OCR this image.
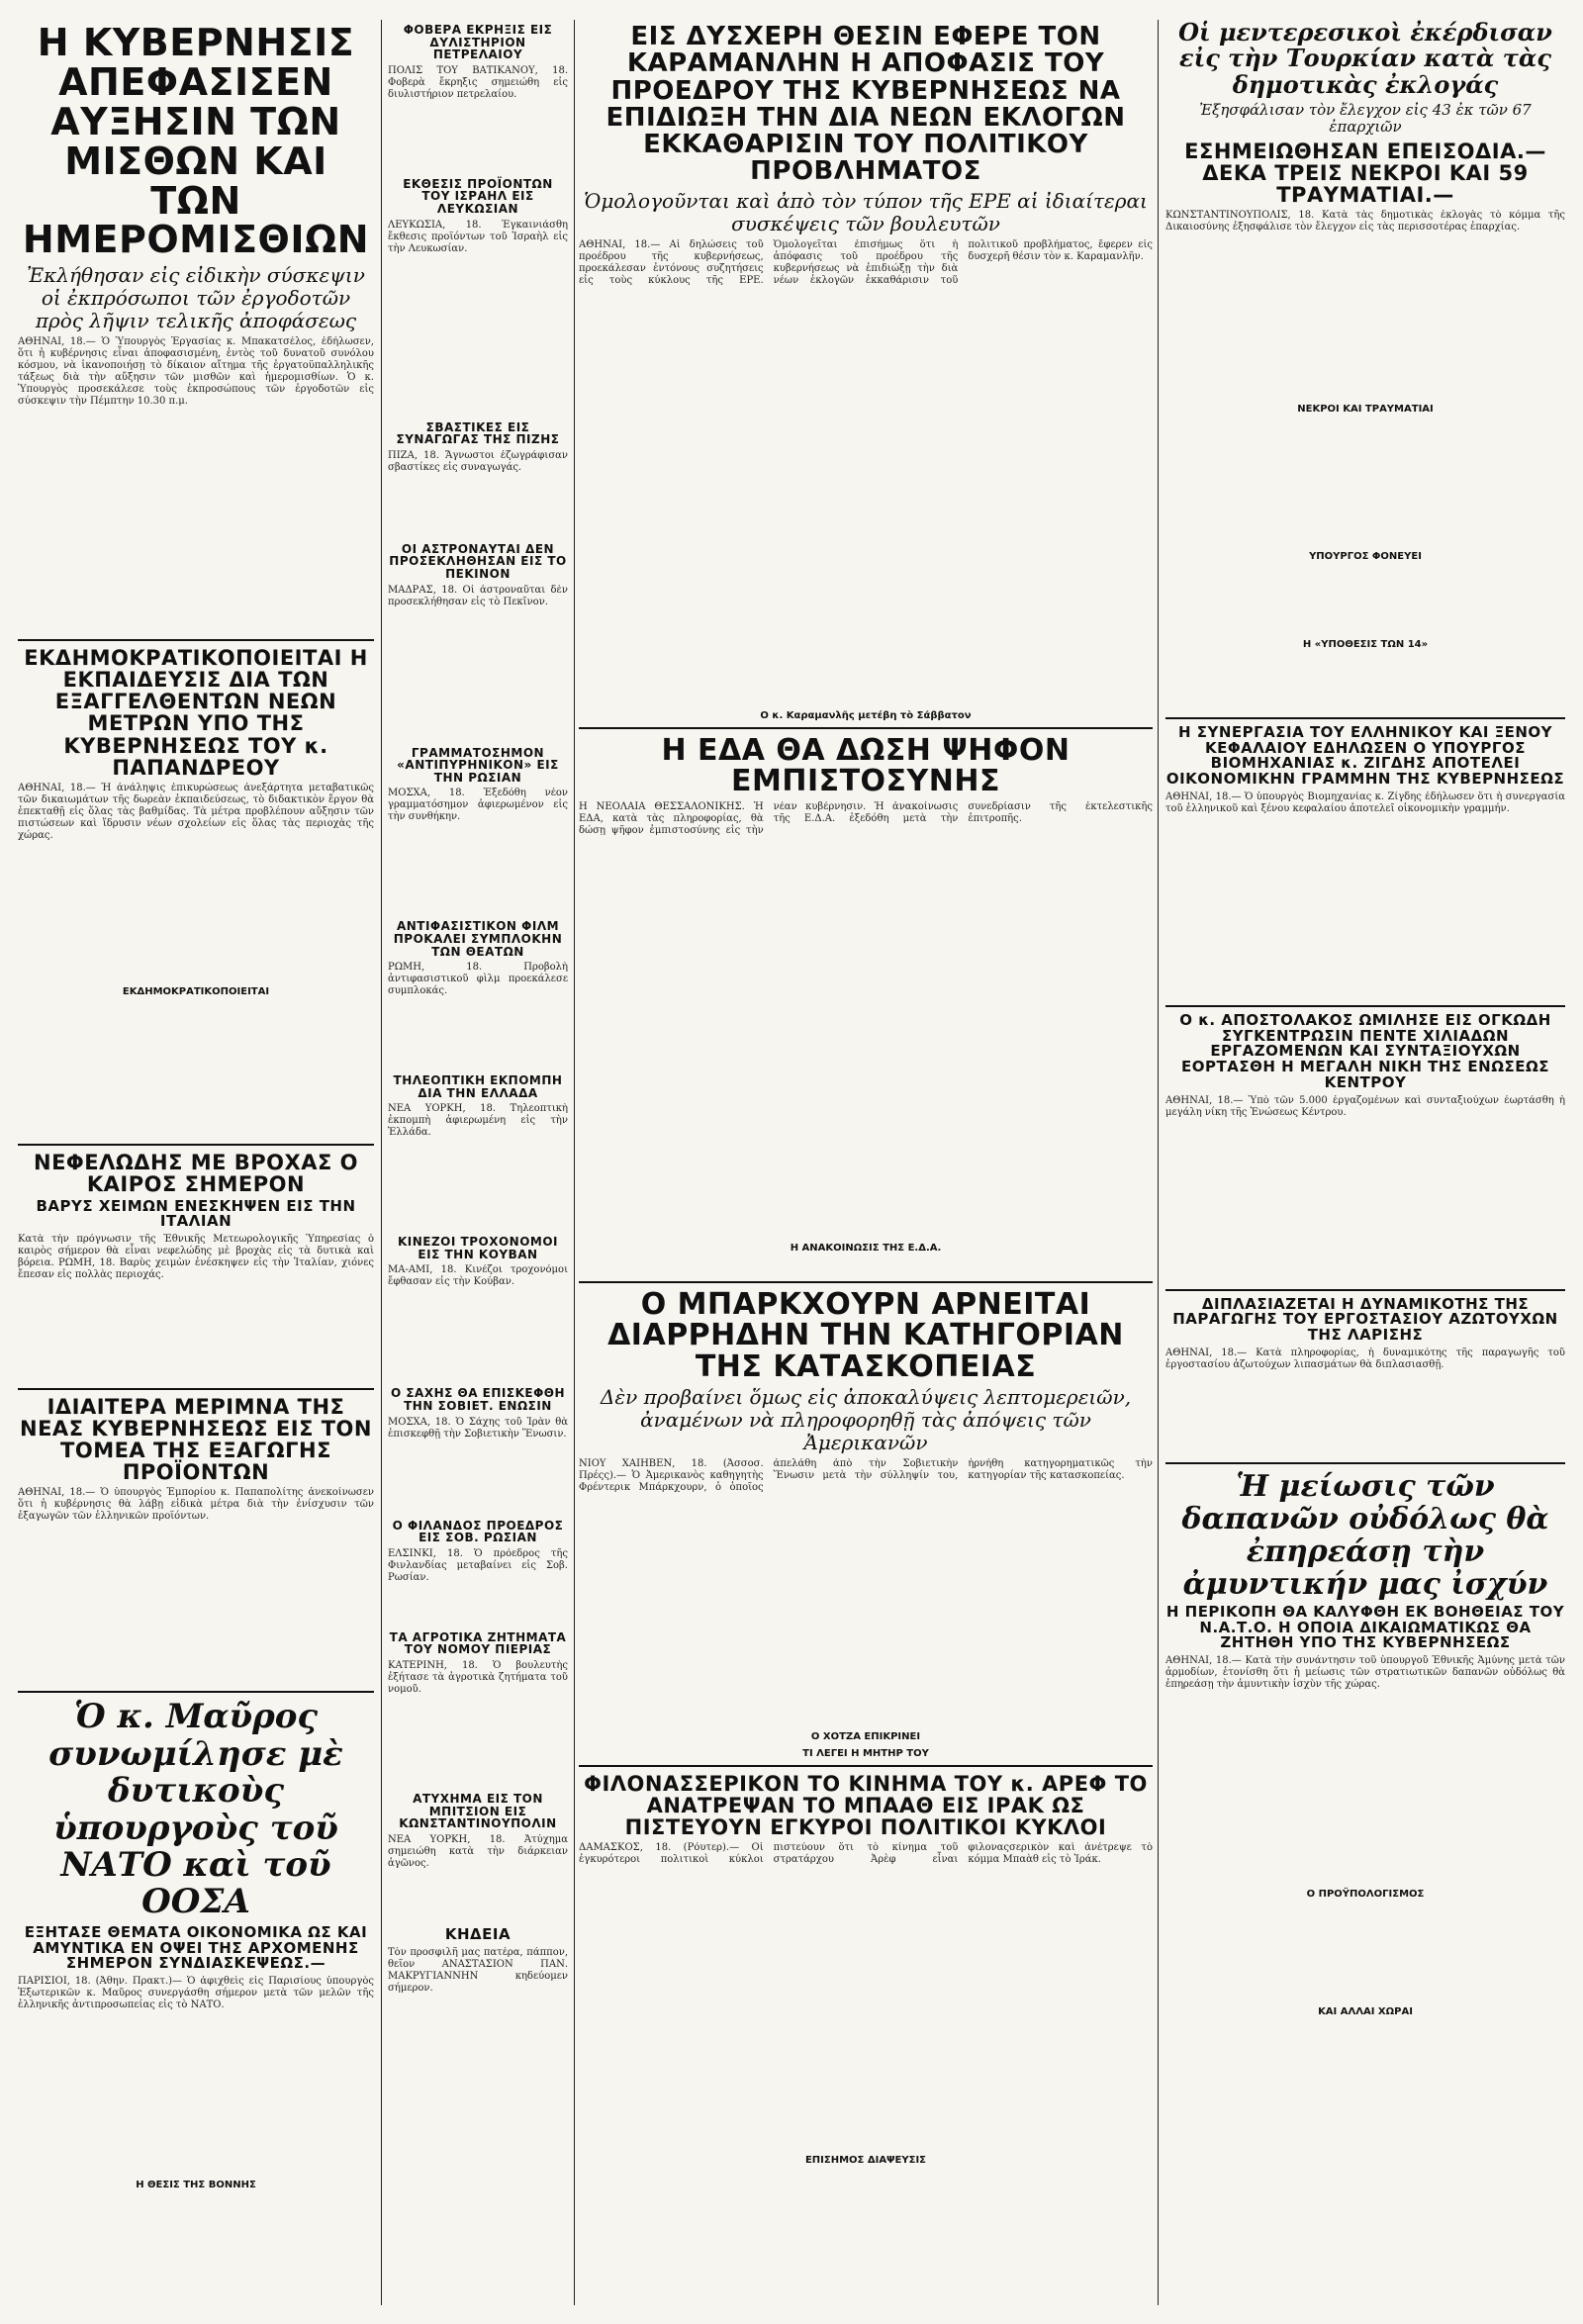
Η ΚΥΒΕΡΝΗΣΙΣ ΑΠΕΦΑΣΙΣΕΝ ΑΥΞΗΣΙΝ ΤΩΝ ΜΙΣΘΩΝ ΚΑΙ ΤΩΝ ΗΜΕΡΟΜΙΣΘΙΩΝ
Ἐκλήθησαν εἰς εἰδικὴν σύσκεψιν οἱ ἐκπρόσωποι τῶν ἐργοδοτῶν πρὸς λῆψιν τελικῆς ἀποφάσεως
ΑΘΗΝΑΙ, 18.— Ὁ Ὑπουργὸς Ἐργασίας κ. Μπακατσέλος, ἐδήλωσεν, ὅτι ἡ κυβέρνησις εἶναι ἀποφασισμένη, ἐντὸς τοῦ δυνατοῦ συνόλου κόσμου, νὰ ἱκανοποιήσῃ τὸ δίκαιον αἴτημα τῆς ἐργατοϋπαλληλικῆς τάξεως διὰ τὴν αὔξησιν τῶν μισθῶν καὶ ἡμερομισθίων. Ὁ κ. Ὑπουργὸς προσεκάλεσε τοὺς ἐκπροσώπους τῶν ἐργοδοτῶν εἰς σύσκεψιν τὴν Πέμπτην 10.30 π.μ.
ΕΚΔΗΜΟΚΡΑΤΙΚΟΠΟΙΕΙΤΑΙ Η ΕΚΠΑΙΔΕΥΣΙΣ ΔΙΑ ΤΩΝ ΕΞΑΓΓΕΛΘΕΝΤΩΝ ΝΕΩΝ ΜΕΤΡΩΝ ΥΠΟ ΤΗΣ ΚΥΒΕΡΝΗΣΕΩΣ ΤΟΥ κ. ΠΑΠΑΝΔΡΕΟΥ
ΑΘΗΝΑΙ, 18.— Ἡ ἀνάληψις ἐπικυρώσεως ἀνεξάρτητα μεταβατικῶς τῶν δικαιωμάτων τῆς δωρεὰν ἐκπαιδεύσεως, τὸ διδακτικὸν ἔργον θὰ ἐπεκταθῇ εἰς ὅλας τὰς βαθμίδας. Τὰ μέτρα προβλέπουν αὔξησιν τῶν πιστώσεων καὶ ἵδρυσιν νέων σχολείων εἰς ὅλας τὰς περιοχὰς τῆς χώρας.
ΕΚΔΗΜΟΚΡΑΤΙΚΟΠΟΙΕΙΤΑΙ
ΝΕΦΕΛΩΔΗΣ ΜΕ ΒΡΟΧΑΣ Ο ΚΑΙΡΟΣ ΣΗΜΕΡΟΝ
ΒΑΡΥΣ ΧΕΙΜΩΝ ΕΝΕΣΚΗΨΕΝ ΕΙΣ ΤΗΝ ΙΤΑΛΙΑΝ
Κατὰ τὴν πρόγνωσιν τῆς Ἐθνικῆς Μετεωρολογικῆς Ὑπηρεσίας ὁ καιρὸς σήμερον θὰ εἶναι νεφελώδης μὲ βροχὰς εἰς τὰ δυτικὰ καὶ βόρεια. ΡΩΜΗ, 18. Βαρὺς χειμὼν ἐνέσκηψεν εἰς τὴν Ἰταλίαν, χιόνες ἔπεσαν εἰς πολλὰς περιοχάς.
ΙΔΙΑΙΤΕΡΑ ΜΕΡΙΜΝΑ ΤΗΣ ΝΕΑΣ ΚΥΒΕΡΝΗΣΕΩΣ ΕΙΣ ΤΟΝ ΤΟΜΕΑ ΤΗΣ ΕΞΑΓΩΓΗΣ ΠΡΟΪΟΝΤΩΝ
ΑΘΗΝΑΙ, 18.— Ὁ ὑπουργὸς Ἐμπορίου κ. Παπαπολίτης ἀνεκοίνωσεν ὅτι ἡ κυβέρνησις θὰ λάβῃ εἰδικὰ μέτρα διὰ τὴν ἐνίσχυσιν τῶν ἐξαγωγῶν τῶν ἑλληνικῶν προϊόντων.
Ὁ κ. Μαῦρος συνωμίλησε μὲ δυτικοὺς ὑπουργοὺς τοῦ ΝΑΤΟ καὶ τοῦ ΟΟΣΑ
ΕΞΗΤΑΣΕ ΘΕΜΑΤΑ ΟΙΚΟΝΟΜΙΚΑ ΩΣ ΚΑΙ ΑΜΥΝΤΙΚΑ ΕΝ ΟΨΕΙ ΤΗΣ ΑΡΧΟΜΕΝΗΣ ΣΗΜΕΡΟΝ ΣΥΝΔΙΑΣΚΕΨΕΩΣ.—
ΠΑΡΙΣΙΟΙ, 18. (Ἀθην. Πρακτ.)— Ὁ ἀφιχθεὶς εἰς Παρισίους ὑπουργὸς Ἐξωτερικῶν κ. Μαῦρος συνεργάσθη σήμερον μετὰ τῶν μελῶν τῆς ἑλληνικῆς ἀντιπροσωπείας εἰς τὸ ΝΑΤΟ.
Η ΘΕΣΙΣ ΤΗΣ ΒΟΝΝΗΣ
ΦΟΒΕΡΑ ΕΚΡΗΞΙΣ ΕΙΣ ΔΥΛΙΣΤΗΡΙΟΝ ΠΕΤΡΕΛΑΙΟΥ
ΠΟΛΙΣ ΤΟΥ ΒΑΤΙΚΑΝΟΥ, 18. Φοβερὰ ἔκρηξις σημειώθη εἰς διυλιστήριον πετρελαίου.
ΕΚΘΕΣΙΣ ΠΡΟΪΟΝΤΩΝ ΤΟΥ ΙΣΡΑΗΛ ΕΙΣ ΛΕΥΚΩΣΙΑΝ
ΛΕΥΚΩΣΙΑ, 18. Ἐγκαινιάσθη ἔκθεσις προϊόντων τοῦ Ἰσραὴλ εἰς τὴν Λευκωσίαν.
ΣΒΑΣΤΙΚΕΣ ΕΙΣ ΣΥΝΑΓΩΓΑΣ ΤΗΣ ΠΙΖΗΣ
ΠΙΖΑ, 18. Ἄγνωστοι ἐζωγράφισαν σβαστίκες εἰς συναγωγάς.
ΟΙ ΑΣΤΡΟΝΑΥΤΑΙ ΔΕΝ ΠΡΟΣΕΚΛΗΘΗΣΑΝ ΕΙΣ ΤΟ ΠΕΚΙΝΟΝ
ΜΑΔΡΑΣ, 18. Οἱ ἀστροναῦται δὲν προσεκλήθησαν εἰς τὸ Πεκῖνον.
ΓΡΑΜΜΑΤΟΣΗΜΟΝ «ΑΝΤΙΠΥΡΗΝΙΚΟΝ» ΕΙΣ ΤΗΝ ΡΩΣΙΑΝ
ΜΟΣΧΑ, 18. Ἐξεδόθη νέον γραμματόσημον ἀφιερωμένον εἰς τὴν συνθήκην.
ΑΝΤΙΦΑΣΙΣΤΙΚΟΝ ΦΙΛΜ ΠΡΟΚΑΛΕΙ ΣΥΜΠΛΟΚΗΝ ΤΩΝ ΘΕΑΤΩΝ
ΡΩΜΗ, 18. Προβολὴ ἀντιφασιστικοῦ φὶλμ προεκάλεσε συμπλοκάς.
ΤΗΛΕΟΠΤΙΚΗ ΕΚΠΟΜΠΗ ΔΙΑ ΤΗΝ ΕΛΛΑΔΑ
ΝΕΑ ΥΟΡΚΗ, 18. Τηλεοπτικὴ ἐκπομπὴ ἀφιερωμένη εἰς τὴν Ἑλλάδα.
ΚΙΝΕΖΟΙ ΤΡΟΧΟΝΟΜΟΙ ΕΙΣ ΤΗΝ ΚΟΥΒΑΝ
ΜΑ-ΑΜΙ, 18. Κινέζοι τροχονόμοι ἔφθασαν εἰς τὴν Κούβαν.
Ο ΣΑΧΗΣ ΘΑ ΕΠΙΣΚΕΦΘΗ ΤΗΝ ΣΟΒΙΕΤ. ΕΝΩΣΙΝ
ΜΟΣΧΑ, 18. Ὁ Σάχης τοῦ Ἰρὰν θὰ ἐπισκεφθῇ τὴν Σοβιετικὴν Ἕνωσιν.
Ο ΦΙΛΑΝΔΟΣ ΠΡΟΕΔΡΟΣ ΕΙΣ ΣΟΒ. ΡΩΣΙΑΝ
ΕΛΣΙΝΚΙ, 18. Ὁ πρόεδρος τῆς Φινλανδίας μεταβαίνει εἰς Σοβ. Ρωσίαν.
ΤΑ ΑΓΡΟΤΙΚΑ ΖΗΤΗΜΑΤΑ ΤΟΥ ΝΟΜΟΥ ΠΙΕΡΙΑΣ
ΚΑΤΕΡΙΝΗ, 18. Ὁ βουλευτὴς ἐξήτασε τὰ ἀγροτικὰ ζητήματα τοῦ νομοῦ.
ΑΤΥΧΗΜΑ ΕΙΣ ΤΟΝ ΜΠΙΤΣΙΟΝ ΕΙΣ ΚΩΝΣΤΑΝΤΙΝΟΥΠΟΛΙΝ
ΝΕΑ ΥΟΡΚΗ, 18. Ἀτύχημα σημειώθη κατὰ τὴν διάρκειαν ἀγῶνος.
ΚΗΔΕΙΑ
Τὸν προσφιλῆ μας πατέρα, πάππον, θεῖον ΑΝΑΣΤΑΣΙΟΝ ΠΑΝ. ΜΑΚΡΥΓΙΑΝΝΗΝ κηδεύομεν σήμερον.
ΕΙΣ ΔΥΣΧΕΡΗ ΘΕΣΙΝ ΕΦΕΡΕ ΤΟΝ ΚΑΡΑΜΑΝΛΗΝ Η ΑΠΟΦΑΣΙΣ ΤΟΥ ΠΡΟΕΔΡΟΥ ΤΗΣ ΚΥΒΕΡΝΗΣΕΩΣ ΝΑ ΕΠΙΔΙΩΞΗ ΤΗΝ ΔΙΑ ΝΕΩΝ ΕΚΛΟΓΩΝ ΕΚΚΑΘΑΡΙΣΙΝ ΤΟΥ ΠΟΛΙΤΙΚΟΥ ΠΡΟΒΛΗΜΑΤΟΣ
Ὁμολογοῦνται καὶ ἀπὸ τὸν τύπον τῆς ΕΡΕ αἱ ἰδιαίτεραι συσκέψεις τῶν βουλευτῶν
ΑΘΗΝΑΙ, 18.— Αἱ δηλώσεις τοῦ προέδρου τῆς κυβερνήσεως, προεκάλεσαν ἐντόνους συζητήσεις εἰς τοὺς κύκλους τῆς ΕΡΕ. Ὁμολογεῖται ἐπισήμως ὅτι ἡ ἀπόφασις τοῦ προέδρου τῆς κυβερνήσεως νὰ ἐπιδιώξῃ τὴν διὰ νέων ἐκλογῶν ἐκκαθάρισιν τοῦ πολιτικοῦ προβλήματος, ἔφερεν εἰς δυσχερῆ θέσιν τὸν κ. Καραμανλῆν.
Ο κ. Καραμανλῆς μετέβη τὸ Σάββατον
Η ΕΔΑ ΘΑ ΔΩΣΗ ΨΗΦΟΝ ΕΜΠΙΣΤΟΣΥΝΗΣ
Η ΝΕΟΛΑΙΑ ΘΕΣΣΑΛΟΝΙΚΗΣ. Ἡ ΕΔΑ, κατὰ τὰς πληροφορίας, θὰ δώσῃ ψῆφον ἐμπιστοσύνης εἰς τὴν νέαν κυβέρνησιν. Ἡ ἀνακοίνωσις τῆς Ε.Δ.Α. ἐξεδόθη μετὰ τὴν συνεδρίασιν τῆς ἐκτελεστικῆς ἐπιτροπῆς.
Η ΑΝΑΚΟΙΝΩΣΙΣ ΤΗΣ Ε.Δ.Α.
Ο ΜΠΑΡΚΧΟΥΡΝ ΑΡΝΕΙΤΑΙ ΔΙΑΡΡΗΔΗΝ ΤΗΝ ΚΑΤΗΓΟΡΙΑΝ ΤΗΣ ΚΑΤΑΣΚΟΠΕΙΑΣ
Δὲν προβαίνει ὅμως εἰς ἀποκαλύψεις λεπτομερειῶν, ἀναμένων νὰ πληροφορηθῇ τὰς ἀπόψεις τῶν Ἀμερικανῶν
ΝΙΟΥ ΧΑΙΗΒΕΝ, 18. (Ἀσσοσ. Πρέςς).— Ὁ Ἀμερικανὸς καθηγητὴς Φρέντερικ Μπάρκχουρν, ὁ ὁποῖος ἀπελάθη ἀπὸ τὴν Σοβιετικὴν Ἕνωσιν μετὰ τὴν σύλληψίν του, ἠρνήθη κατηγορηματικῶς τὴν κατηγορίαν τῆς κατασκοπείας.
Ο ΧΟΤΖΑ ΕΠΙΚΡΙΝΕΙ
ΤΙ ΛΕΓΕΙ Η ΜΗΤΗΡ ΤΟΥ
ΦΙΛΟΝΑΣΣΕΡΙΚΟΝ ΤΟ ΚΙΝΗΜΑ ΤΟΥ κ. ΑΡΕΦ ΤΟ ΑΝΑΤΡΕΨΑΝ ΤΟ ΜΠΑΑΘ ΕΙΣ ΙΡΑΚ ΩΣ ΠΙΣΤΕΥΟΥΝ ΕΓΚΥΡΟΙ ΠΟΛΙΤΙΚΟΙ ΚΥΚΛΟΙ
ΔΑΜΑΣΚΟΣ, 18. (Ρόυτερ).— Οἱ ἐγκυρότεροι πολιτικοὶ κύκλοι πιστεύουν ὅτι τὸ κίνημα τοῦ στρατάρχου Ἀρὲφ εἶναι φιλοναςσερικὸν καὶ ἀνέτρεψε τὸ κόμμα Μπαὰθ εἰς τὸ Ἰράκ.
ΕΠΙΣΗΜΟΣ ΔΙΑΨΕΥΣΙΣ
Οἱ μεντερεσικοὶ ἐκέρδισαν εἰς τὴν Τουρκίαν κατὰ τὰς δημοτικὰς ἐκλογάς
Ἐξησφάλισαν τὸν ἔλεγχον εἰς 43 ἐκ τῶν 67 ἐπαρχιῶν
ΕΣΗΜΕΙΩΘΗΣΑΝ ΕΠΕΙΣΟΔΙΑ.— ΔΕΚΑ ΤΡΕΙΣ ΝΕΚΡΟΙ ΚΑΙ 59 ΤΡΑΥΜΑΤΙΑΙ.—
ΚΩΝΣΤΑΝΤΙΝΟΥΠΟΛΙΣ, 18. Κατὰ τὰς δημοτικὰς ἐκλογὰς τὸ κόμμα τῆς Δικαιοσύνης ἐξησφάλισε τὸν ἔλεγχον εἰς τὰς περισσοτέρας ἐπαρχίας.
ΝΕΚΡΟΙ ΚΑΙ ΤΡΑΥΜΑΤΙΑΙ
ΥΠΟΥΡΓΟΣ ΦΟΝΕΥΕΙ
Η «ΥΠΟΘΕΣΙΣ ΤΩΝ 14»
Η ΣΥΝΕΡΓΑΣΙΑ ΤΟΥ ΕΛΛΗΝΙΚΟΥ ΚΑΙ ΞΕΝΟΥ ΚΕΦΑΛΑΙΟΥ ΕΔΗΛΩΣΕΝ Ο ΥΠΟΥΡΓΟΣ ΒΙΟΜΗΧΑΝΙΑΣ κ. ΖΙΓΔΗΣ ΑΠΟΤΕΛΕΙ ΟΙΚΟΝΟΜΙΚΗΝ ΓΡΑΜΜΗΝ ΤΗΣ ΚΥΒΕΡΝΗΣΕΩΣ
ΑΘΗΝΑΙ, 18.— Ὁ ὑπουργὸς Βιομηχανίας κ. Ζίγδης ἐδήλωσεν ὅτι ἡ συνεργασία τοῦ ἑλληνικοῦ καὶ ξένου κεφαλαίου ἀποτελεῖ οἰκονομικὴν γραμμήν.
Ο κ. ΑΠΟΣΤΟΛΑΚΟΣ ΩΜΙΛΗΣΕ ΕΙΣ ΟΓΚΩΔΗ ΣΥΓΚΕΝΤΡΩΣΙΝ ΠΕΝΤΕ ΧΙΛΙΑΔΩΝ ΕΡΓΑΖΟΜΕΝΩΝ ΚΑΙ ΣΥΝΤΑΞΙΟΥΧΩΝ ΕΟΡΤΑΣΘΗ Η ΜΕΓΑΛΗ ΝΙΚΗ ΤΗΣ ΕΝΩΣΕΩΣ ΚΕΝΤΡΟΥ
ΑΘΗΝΑΙ, 18.— Ὑπὸ τῶν 5.000 ἐργαζομένων καὶ συνταξιούχων ἐωρτάσθη ἡ μεγάλη νίκη τῆς Ἑνώσεως Κέντρου.
ΔΙΠΛΑΣΙΑΖΕΤΑΙ Η ΔΥΝΑΜΙΚΟΤΗΣ ΤΗΣ ΠΑΡΑΓΩΓΗΣ ΤΟΥ ΕΡΓΟΣΤΑΣΙΟΥ ΑΖΩΤΟΥΧΩΝ ΤΗΣ ΛΑΡΙΣΗΣ
ΑΘΗΝΑΙ, 18.— Κατὰ πληροφορίας, ἡ δυναμικότης τῆς παραγωγῆς τοῦ ἐργοστασίου ἀζωτούχων λιπασμάτων θὰ διπλασιασθῇ.
Ἡ μείωσις τῶν δαπανῶν οὐδόλως θὰ ἐπηρεάσῃ τὴν ἀμυντικήν μας ἰσχύν
Η ΠΕΡΙΚΟΠΗ ΘΑ ΚΑΛΥΦΘΗ ΕΚ ΒΟΗΘΕΙΑΣ ΤΟΥ Ν.Α.Τ.Ο. Η ΟΠΟΙΑ ΔΙΚΑΙΩΜΑΤΙΚΩΣ ΘΑ ΖΗΤΗΘΗ ΥΠΟ ΤΗΣ ΚΥΒΕΡΝΗΣΕΩΣ
ΑΘΗΝΑΙ, 18.— Κατὰ τὴν συνάντησιν τοῦ ὑπουργοῦ Ἐθνικῆς Ἀμύνης μετὰ τῶν ἀρμοδίων, ἐτονίσθη ὅτι ἡ μείωσις τῶν στρατιωτικῶν δαπανῶν οὐδόλως θὰ ἐπηρεάσῃ τὴν ἀμυντικὴν ἰσχὺν τῆς χώρας.
Ο ΠΡΟΫΠΟΛΟΓΙΣΜΟΣ
ΚΑΙ ΑΛΛΑΙ ΧΩΡΑΙ
